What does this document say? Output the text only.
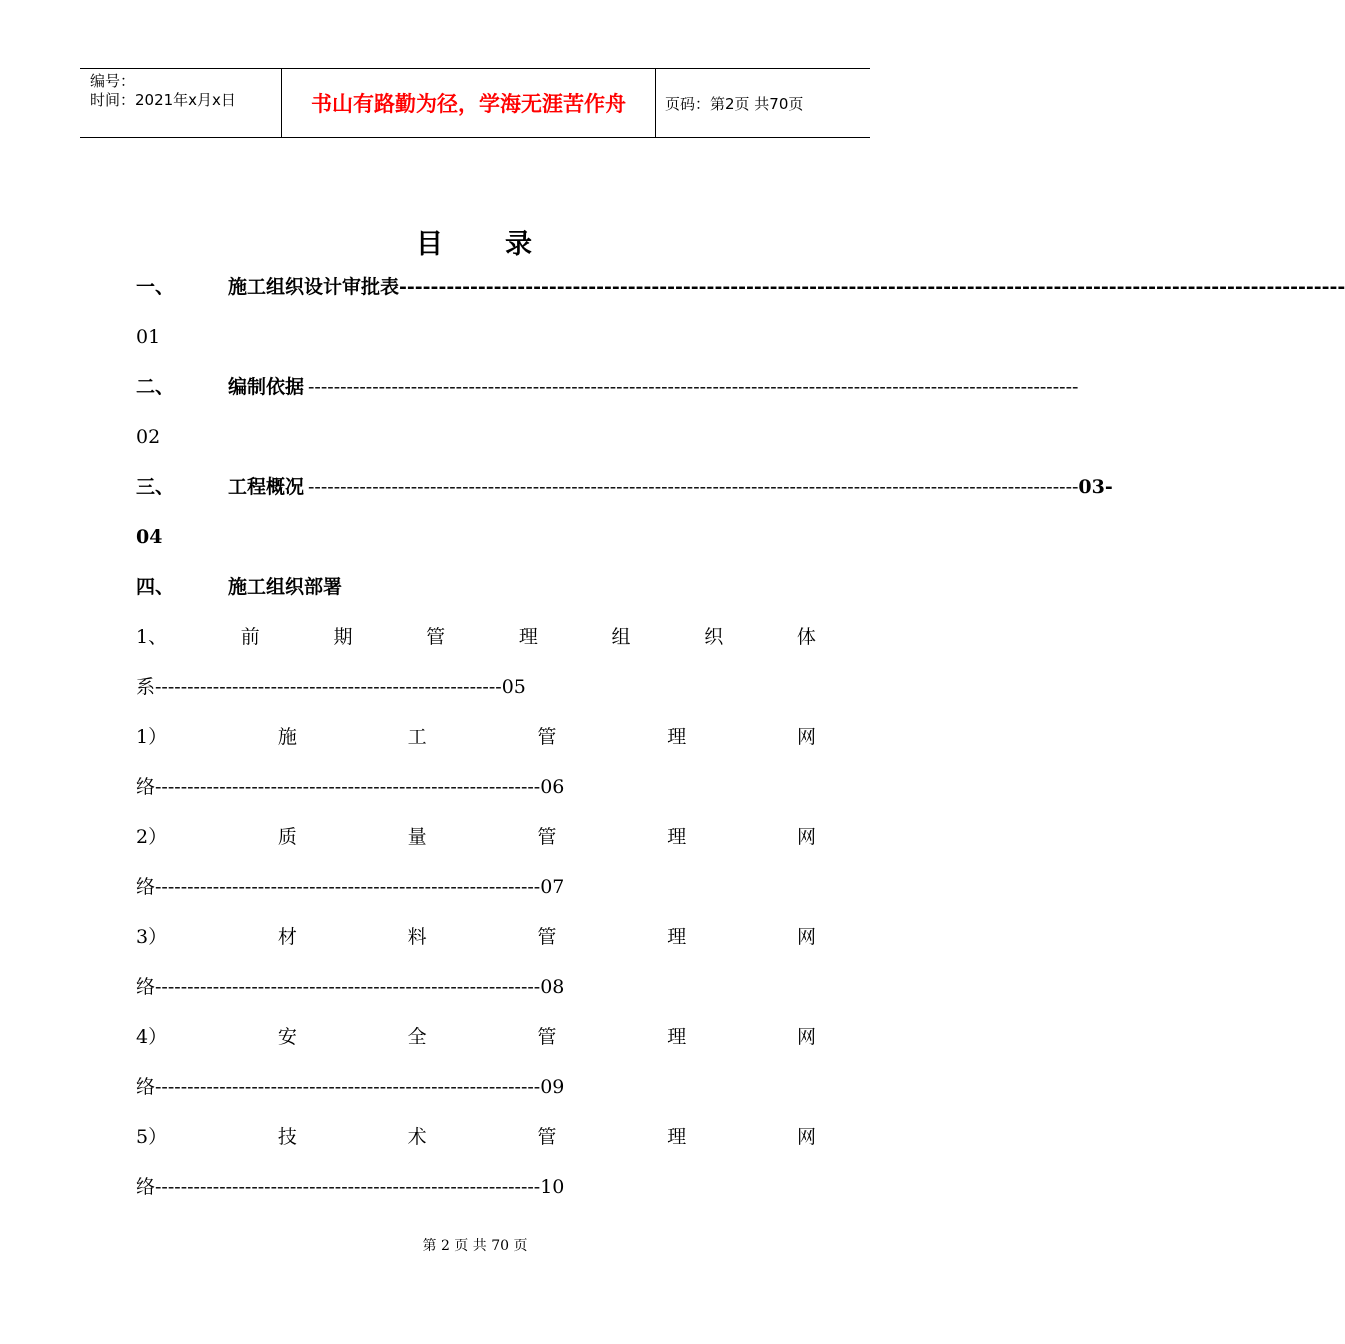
编号：
时间：2021年x月x日	书山有路勤为径，学海无涯苦作舟	页码：第2页 共70页
目 录
一、	施工组织设计审批表 ------------------------------------------------------------------------------------------------------------------------
01
二、	编制依据 ------------------------------------------------------------------------------------------------------------------------
02
三、	工程概况 ------------------------------------------------------------------------------------------------------------------------ 03-
04
四、	施工组织部署
1、	前	期	管	理	组	织	体
系 ------------------------------------------------------ 05
1）	施	工	管	理	网
络 ------------------------------------------------------------ 06
2）	质	量	管	理	网
络 ------------------------------------------------------------ 07
3）	材	料	管	理	网
络 ------------------------------------------------------------ 08
4）	安	全	管	理	网
络 ------------------------------------------------------------ 09
5）	技	术	管	理	网
络 ------------------------------------------------------------ 10
第 2 页 共 70 页
